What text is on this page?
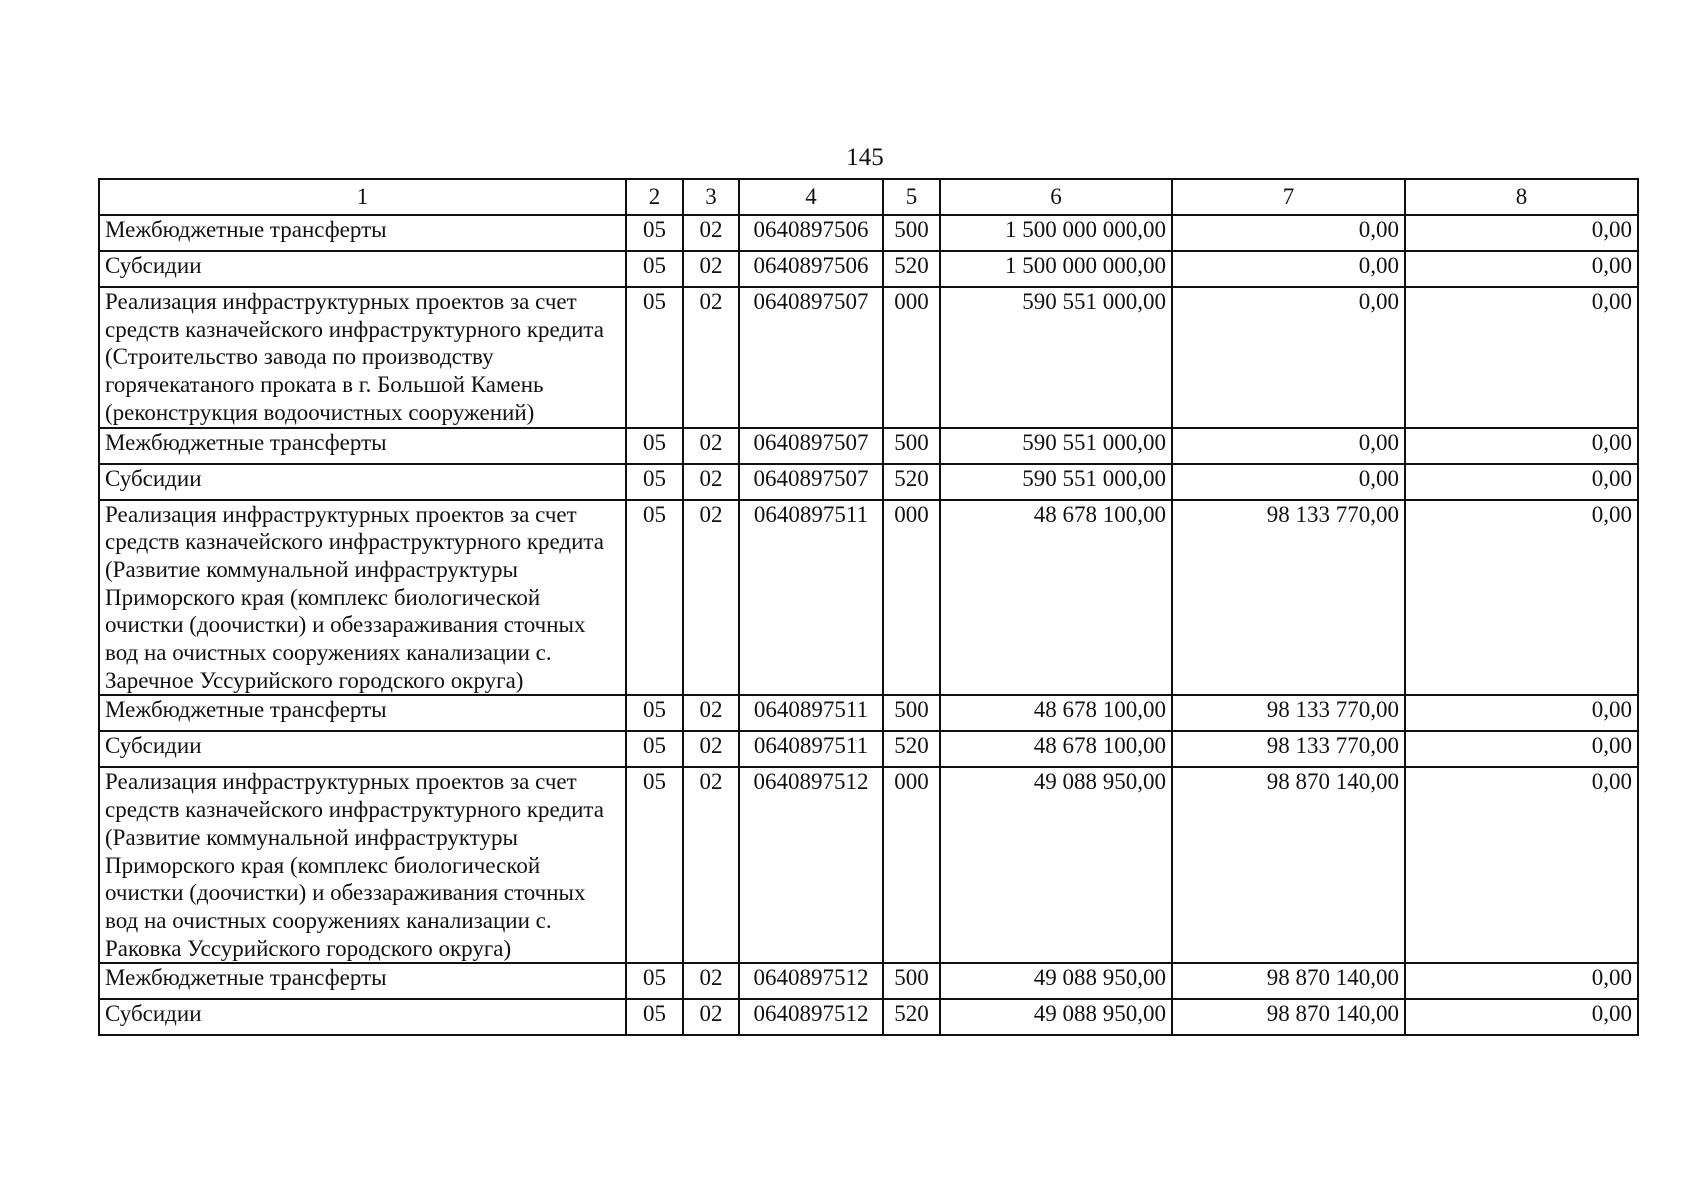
145
1	2	3	4	5	6	7	8
Межбюджетные трансферты	05	02	0640897506	500	1 500 000 000,00	0,00	0,00
Субсидии	05	02	0640897506	520	1 500 000 000,00	0,00	0,00
Реализация инфраструктурных проектов за счет средств казначейского инфраструктурного кредита (Строительство завода по производству горячекатаного проката в г. Большой Камень (реконструкция водоочистных сооружений)	05	02	0640897507	000	590 551 000,00	0,00	0,00
Межбюджетные трансферты	05	02	0640897507	500	590 551 000,00	0,00	0,00
Субсидии	05	02	0640897507	520	590 551 000,00	0,00	0,00
Реализация инфраструктурных проектов за счет средств казначейского инфраструктурного кредита (Развитие коммунальной инфраструктуры Приморского края (комплекс биологической очистки (доочистки) и обеззараживания сточных вод на очистных сооружениях канализации с. Заречное Уссурийского городского округа)	05	02	0640897511	000	48 678 100,00	98 133 770,00	0,00
Межбюджетные трансферты	05	02	0640897511	500	48 678 100,00	98 133 770,00	0,00
Субсидии	05	02	0640897511	520	48 678 100,00	98 133 770,00	0,00
Реализация инфраструктурных проектов за счет средств казначейского инфраструктурного кредита (Развитие коммунальной инфраструктуры Приморского края (комплекс биологической очистки (доочистки) и обеззараживания сточных вод на очистных сооружениях канализации с. Раковка Уссурийского городского округа)	05	02	0640897512	000	49 088 950,00	98 870 140,00	0,00
Межбюджетные трансферты	05	02	0640897512	500	49 088 950,00	98 870 140,00	0,00
Субсидии	05	02	0640897512	520	49 088 950,00	98 870 140,00	0,00
